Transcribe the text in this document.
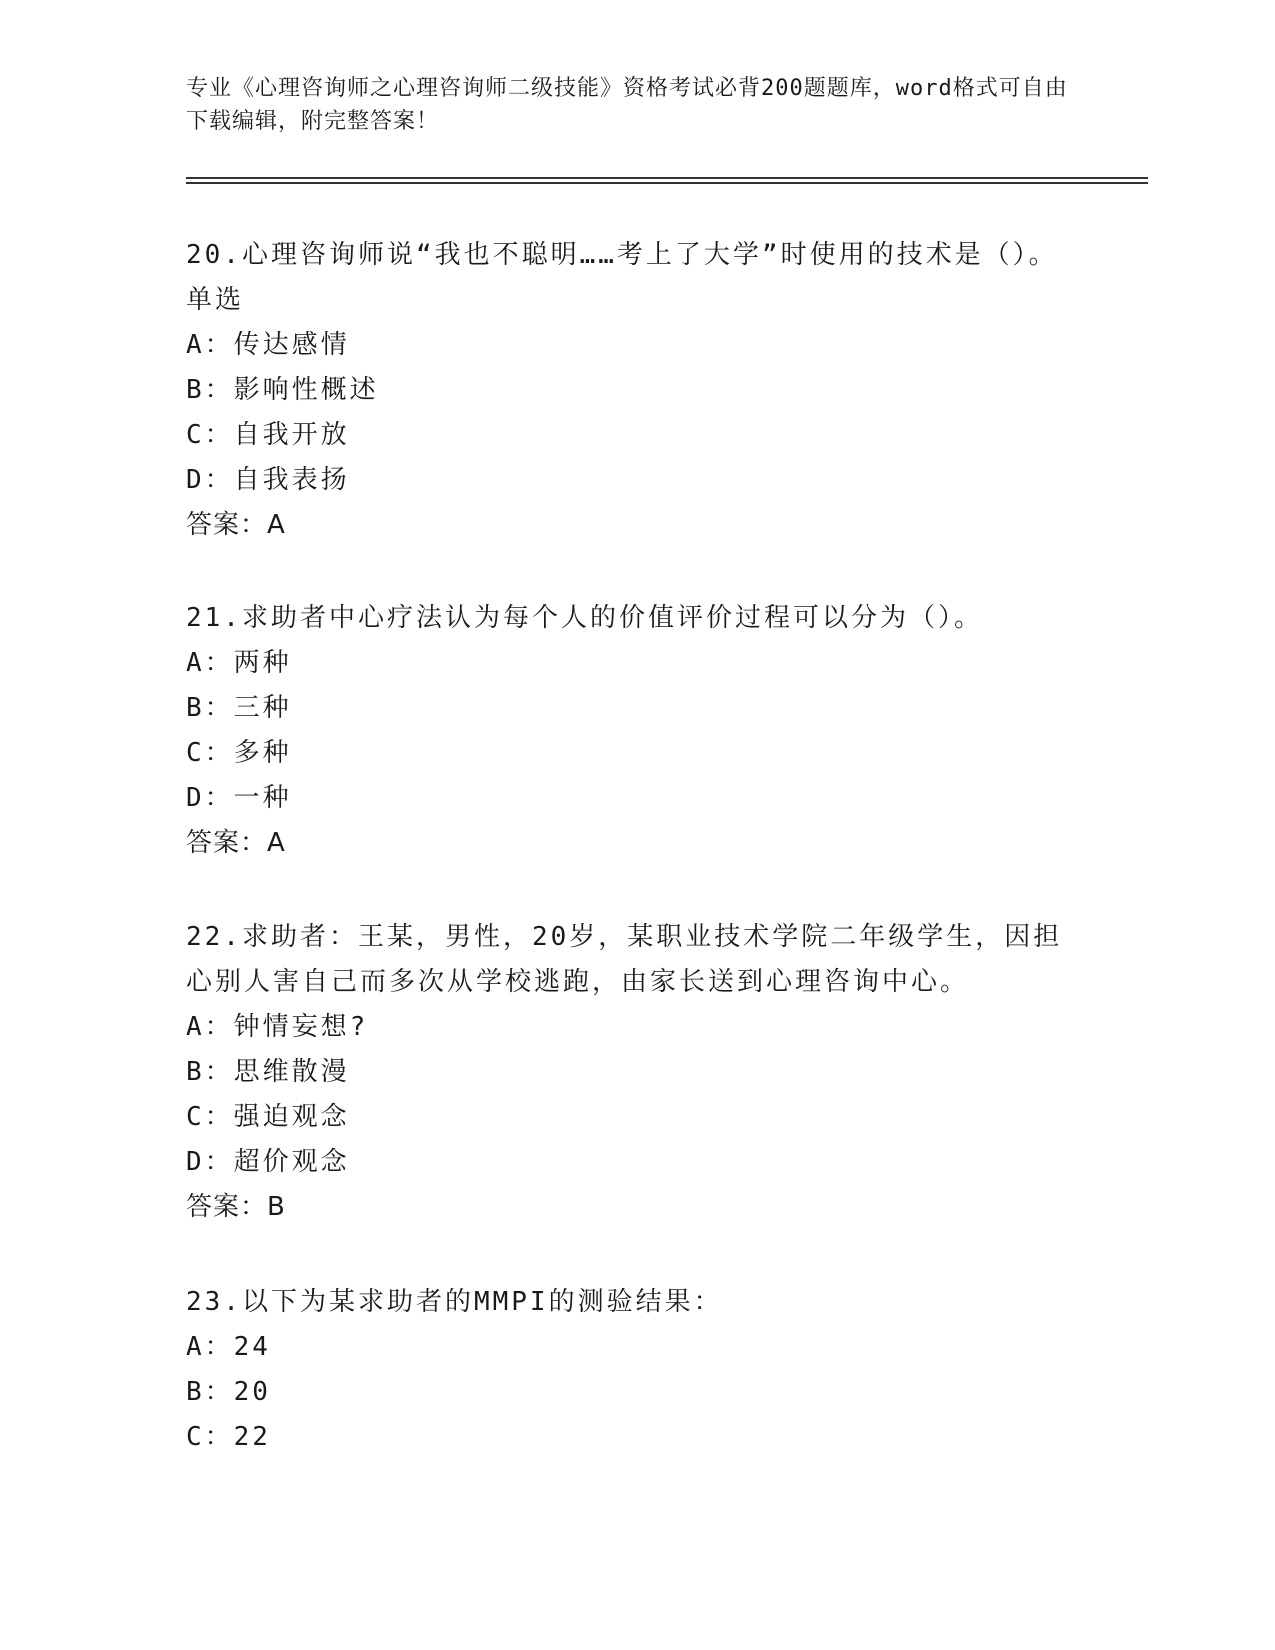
专业《心理咨询师之心理咨询师二级技能》资格考试必背200题题库，word格式可自由下载编辑，附完整答案！
20.心理咨询师说“我也不聪明……考上了大学”时使用的技术是（）。单选
A：传达感情
B：影响性概述
C：自我开放
D：自我表扬
答案：A
21.求助者中心疗法认为每个人的价值评价过程可以分为（）。
A：两种
B：三种
C：多种
D：一种
答案：A
22.求助者：王某，男性，20岁，某职业技术学院二年级学生，因担心别人害自己而多次从学校逃跑，由家长送到心理咨询中心。
A：钟情妄想?
B：思维散漫
C：强迫观念
D：超价观念
答案：B
23.以下为某求助者的MMPI的测验结果：
A：24
B：20
C：22
